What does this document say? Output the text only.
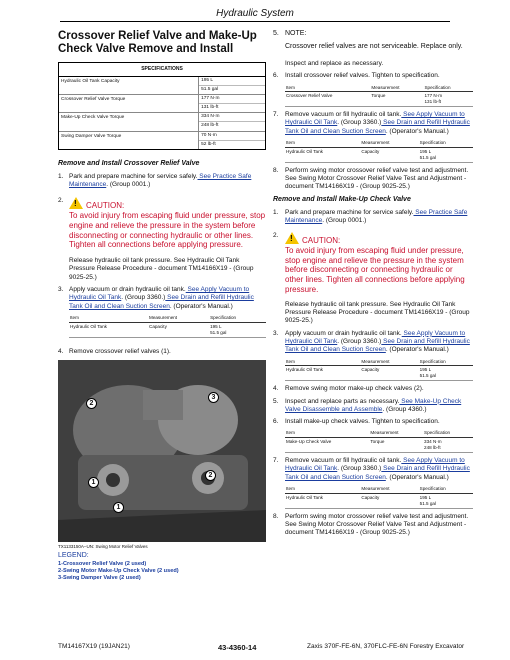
Hydraulic System
Crossover Relief Valve and Make-Up Check Valve Remove and Install
SPECIFICATIONS
Hydraulic Oil Tank Capacity	195 L
51.5 gal
Crossover Relief Valve Torque	177 N·m
131 lb-ft
Make-Up Check Valve Torque	334 N·m
248 lb-ft
Swing Damper Valve Torque	70 N·m
52 lb-ft
Remove and Install Crossover Relief Valve
1. Park and prepare machine for service safely. See Practice Safe Maintenance. (Group 0001.)
2. ! CAUTION:
To avoid injury from escaping fluid under pressure, stop engine and relieve the pressure in the system before disconnecting or connecting hydraulic or other lines. Tighten all connections before applying pressure.
Release hydraulic oil tank pressure. See Hydraulic Oil Tank Pressure Release Procedure - document TM14166X19 - (Group 9025-25.)
3. Apply vacuum or drain hydraulic oil tank. See Apply Vacuum to Hydraulic Oil Tank. (Group 3360.) See Drain and Refill Hydraulic Tank Oil and Clean Suction Screen. (Operator's Manual.)
Item	Measurement	Specification
Hydraulic Oil Tank	Capacity	195 L
51.5 gal
4. Remove crossover relief valves (1).
2
3
1
2
1
TX1133150A–UN: Swing Motor Relief Valves
LEGEND:
1-Crossover Relief Valve (2 used)
2-Swing Motor Make-Up Check Valve (2 used)
3-Swing Damper Valve (2 used)
5. NOTE:

Crossover relief valves are not serviceable. Replace only.

Inspect and replace as necessary.

6. Install crossover relief valves. Tighten to specification.
Item	Measurement	Specification
Crossover Relief Valve	Torque	177 N·m
131 lb-ft
7. Remove vacuum or fill hydraulic oil tank. See Apply Vacuum to Hydraulic Oil Tank. (Group 3360.) See Drain and Refill Hydraulic Tank Oil and Clean Suction Screen. (Operator's Manual.)
Item	Measurement	Specification
Hydraulic Oil Tank	Capacity	195 L
51.5 gal
8. Perform swing motor crossover relief valve test and adjustment. See Swing Motor Crossover Relief Valve Test and Adjustment - document TM14166X19 - (Group 9025-25.)
Remove and Install Make-Up Check Valve
1. Park and prepare machine for service safely. See Practice Safe Maintenance. (Group 0001.)
2. ! CAUTION:
To avoid injury from escaping fluid under pressure, stop engine and relieve the pressure in the system before disconnecting or connecting hydraulic or other lines. Tighten all connections before applying pressure.
Release hydraulic oil tank pressure. See Hydraulic Oil Tank Pressure Release Procedure - document TM14166X19 - (Group 9025-25.)
3. Apply vacuum or drain hydraulic oil tank. See Apply Vacuum to Hydraulic Oil Tank. (Group 3360.) See Drain and Refill Hydraulic Tank Oil and Clean Suction Screen. (Operator's Manual.)
Item	Measurement	Specification
Hydraulic Oil Tank	Capacity	195 L
51.5 gal
4. Remove swing motor make-up check valves (2).
5. Inspect and replace parts as necessary. See Make-Up Check Valve Disassemble and Assemble. (Group 4360.)
6. Install make-up check valves. Tighten to specification.
Item	Measurement	Specification
Make-Up Check Valve	Torque	334 N·m
248 lb-ft
7. Remove vacuum or fill hydraulic oil tank. See Apply Vacuum to Hydraulic Oil Tank. (Group 3360.) See Drain and Refill Hydraulic Tank Oil and Clean Suction Screen. (Operator's Manual.)
Item	Measurement	Specification
Hydraulic Oil Tank	Capacity	195 L
51.5 gal
8. Perform swing motor crossover relief valve test and adjustment. See Swing Motor Crossover Relief Valve Test and Adjustment - document TM14166X19 - (Group 9025-25.)
TM14167X19 (19JAN21)	43-4360-14	Zaxis 370F-FE-6N, 370FLC-FE-6N Forestry Excavator
